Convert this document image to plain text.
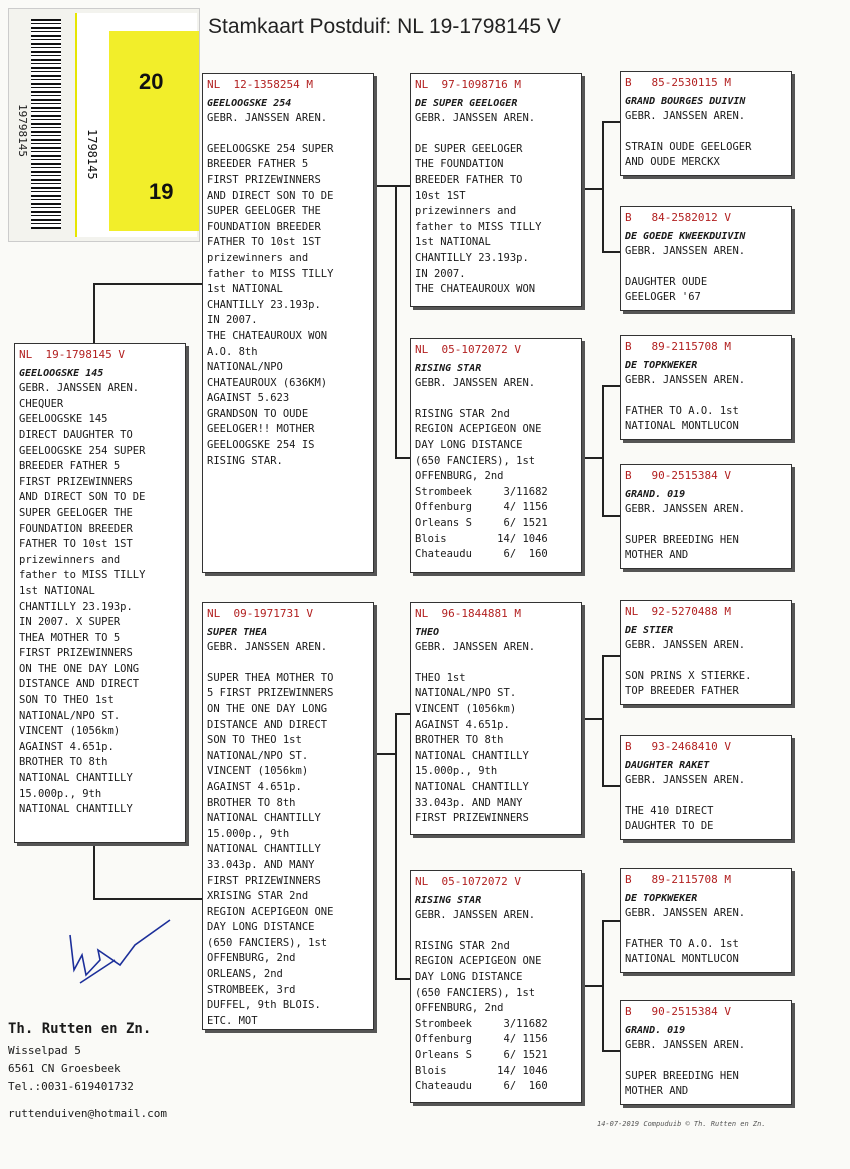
Stamkaart Postduif: NL 19-1798145 V
20
19
1798145
19798145
NL  19-1798145 V
GEELOOGSKE 145
GEBR. JANSSEN AREN.
CHEQUER
GEELOOGSKE 145
DIRECT DAUGHTER TO
GEELOOGSKE 254 SUPER
BREEDER FATHER 5
FIRST PRIZEWINNERS
AND DIRECT SON TO DE
SUPER GEELOGER THE
FOUNDATION BREEDER
FATHER TO 10st 1ST
prizewinners and
father to MISS TILLY
1st NATIONAL
CHANTILLY 23.193p.
IN 2007. X SUPER
THEA MOTHER TO 5
FIRST PRIZEWINNERS
ON THE ONE DAY LONG
DISTANCE AND DIRECT
SON TO THEO 1st
NATIONAL/NPO ST.
VINCENT (1056km)
AGAINST 4.651p.
BROTHER TO 8th
NATIONAL CHANTILLY
15.000p., 9th
NATIONAL CHANTILLY
NL  12-1358254 M
GEELOOGSKE 254
GEBR. JANSSEN AREN.
GEELOOGSKE 254 SUPER
BREEDER FATHER 5
FIRST PRIZEWINNERS
AND DIRECT SON TO DE
SUPER GEELOGER THE
FOUNDATION BREEDER
FATHER TO 10st 1ST
prizewinners and
father to MISS TILLY
1st NATIONAL
CHANTILLY 23.193p.
IN 2007.
THE CHATEAUROUX WON
A.O. 8th
NATIONAL/NPO
CHATEAUROUX (636KM)
AGAINST 5.623
GRANDSON TO OUDE
GEELOGER!! MOTHER
GEELOOGSKE 254 IS
RISING STAR.
NL  09-1971731 V
SUPER THEA
GEBR. JANSSEN AREN.
SUPER THEA MOTHER TO
5 FIRST PRIZEWINNERS
ON THE ONE DAY LONG
DISTANCE AND DIRECT
SON TO THEO 1st
NATIONAL/NPO ST.
VINCENT (1056km)
AGAINST 4.651p.
BROTHER TO 8th
NATIONAL CHANTILLY
15.000p., 9th
NATIONAL CHANTILLY
33.043p. AND MANY
FIRST PRIZEWINNERS
XRISING STAR 2nd
REGION ACEPIGEON ONE
DAY LONG DISTANCE
(650 FANCIERS), 1st
OFFENBURG, 2nd
ORLEANS, 2nd
STROMBEEK, 3rd
DUFFEL, 9th BLOIS.
ETC. MOT
NL  97-1098716 M
DE SUPER GEELOGER
GEBR. JANSSEN AREN.
DE SUPER GEELOGER
THE FOUNDATION
BREEDER FATHER TO
10st 1ST
prizewinners and
father to MISS TILLY
1st NATIONAL
CHANTILLY 23.193p.
IN 2007.
THE CHATEAUROUX WON
NL  05-1072072 V
RISING STAR
GEBR. JANSSEN AREN.
RISING STAR 2nd
REGION ACEPIGEON ONE
DAY LONG DISTANCE
(650 FANCIERS), 1st
OFFENBURG, 2nd
Strombeek     3/11682
Offenburg     4/ 1156
Orleans S     6/ 1521
Blois        14/ 1046
Chateaudu     6/  160
NL  96-1844881 M
THEO
GEBR. JANSSEN AREN.
THEO 1st
NATIONAL/NPO ST.
VINCENT (1056km)
AGAINST 4.651p.
BROTHER TO 8th
NATIONAL CHANTILLY
15.000p., 9th
NATIONAL CHANTILLY
33.043p. AND MANY
FIRST PRIZEWINNERS
NL  05-1072072 V
RISING STAR
GEBR. JANSSEN AREN.
RISING STAR 2nd
REGION ACEPIGEON ONE
DAY LONG DISTANCE
(650 FANCIERS), 1st
OFFENBURG, 2nd
Strombeek     3/11682
Offenburg     4/ 1156
Orleans S     6/ 1521
Blois        14/ 1046
Chateaudu     6/  160
B   85-2530115 M
GRAND BOURGES DUIVIN
GEBR. JANSSEN AREN.
STRAIN OUDE GEELOGER
AND OUDE MERCKX
B   84-2582012 V
DE GOEDE KWEEKDUIVIN
GEBR. JANSSEN AREN.
DAUGHTER OUDE
GEELOGER '67
B   89-2115708 M
DE TOPKWEKER
GEBR. JANSSEN AREN.
FATHER TO A.O. 1st
NATIONAL MONTLUCON
B   90-2515384 V
GRAND. 019
GEBR. JANSSEN AREN.
SUPER BREEDING HEN
MOTHER AND
NL  92-5270488 M
DE STIER
GEBR. JANSSEN AREN.
SON PRINS X STIERKE.
TOP BREEDER FATHER
B   93-2468410 V
DAUGHTER RAKET
GEBR. JANSSEN AREN.
THE 410 DIRECT
DAUGHTER TO DE
B   89-2115708 M
DE TOPKWEKER
GEBR. JANSSEN AREN.
FATHER TO A.O. 1st
NATIONAL MONTLUCON
B   90-2515384 V
GRAND. 019
GEBR. JANSSEN AREN.
SUPER BREEDING HEN
MOTHER AND
Th. Rutten en Zn.
Wisselpad 5
6561 CN Groesbeek
Tel.:0031-619401732
ruttenduiven@hotmail.com
14-07-2019 Compuduib © Th. Rutten en Zn.
